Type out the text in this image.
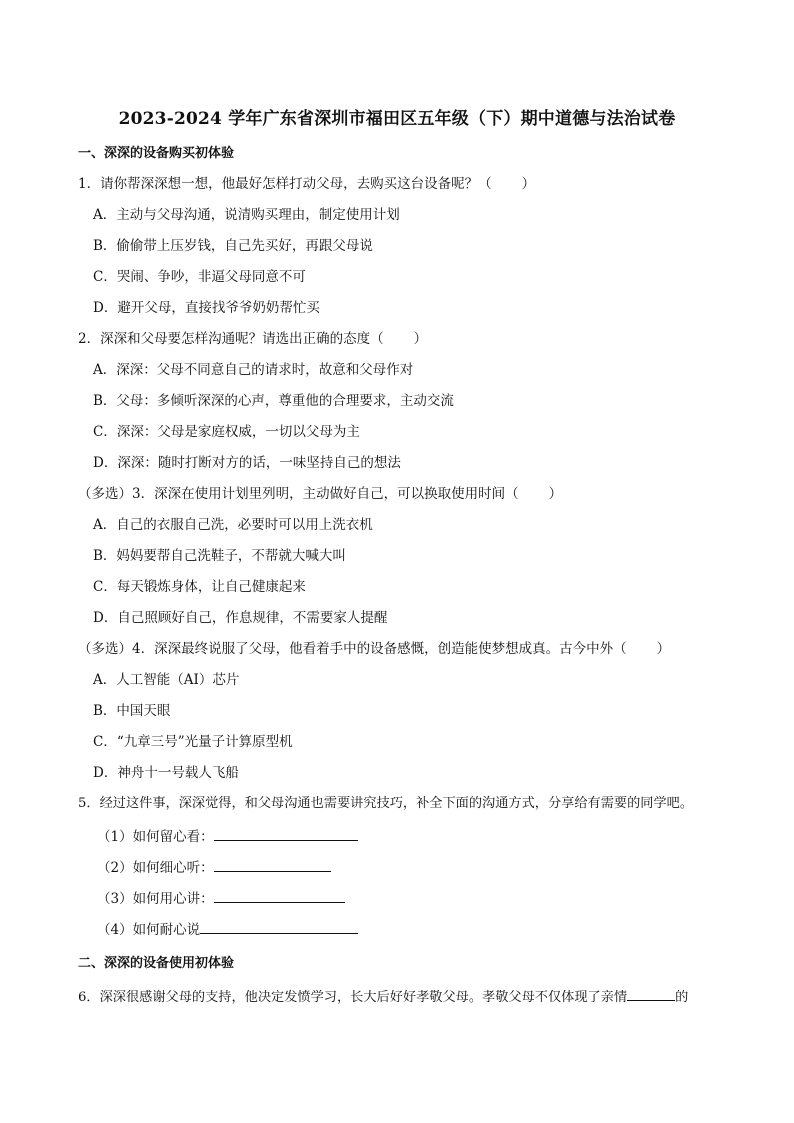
2023-2024 学年广东省深圳市福田区五年级（下）期中道德与法治试卷
一、深深的设备购买初体验
1．请你帮深深想一想，他最好怎样打动父母，去购买这台设备呢？（ ）
A．主动与父母沟通，说清购买理由，制定使用计划
B．偷偷带上压岁钱，自己先买好，再跟父母说
C．哭闹、争吵，非逼父母同意不可
D．避开父母，直接找爷爷奶奶帮忙买
2．深深和父母要怎样沟通呢？请选出正确的态度（ ）
A．深深：父母不同意自己的请求时，故意和父母作对
B．父母：多倾听深深的心声，尊重他的合理要求，主动交流
C．深深：父母是家庭权威，一切以父母为主
D．深深：随时打断对方的话，一味坚持自己的想法
（多选）3．深深在使用计划里列明，主动做好自己，可以换取使用时间（ ）
A．自己的衣服自己洗，必要时可以用上洗衣机
B．妈妈要帮自己洗鞋子，不帮就大喊大叫
C．每天锻炼身体，让自己健康起来
D．自己照顾好自己，作息规律，不需要家人提醒
（多选）4．深深最终说服了父母，他看着手中的设备感慨，创造能使梦想成真。古今中外（ ）
A．人工智能（AI）芯片
B．中国天眼
C．“九章三号”光量子计算原型机
D．神舟十一号载人飞船
5．经过这件事，深深觉得，和父母沟通也需要讲究技巧，补全下面的沟通方式，分享给有需要的同学吧。
（1）如何留心看：
（2）如何细心听：
（3）如何用心讲：
（4）如何耐心说
二、深深的设备使用初体验
6．深深很感谢父母的支持，他决定发愤学习，长大后好好孝敬父母。孝敬父母不仅体现了亲情	的
